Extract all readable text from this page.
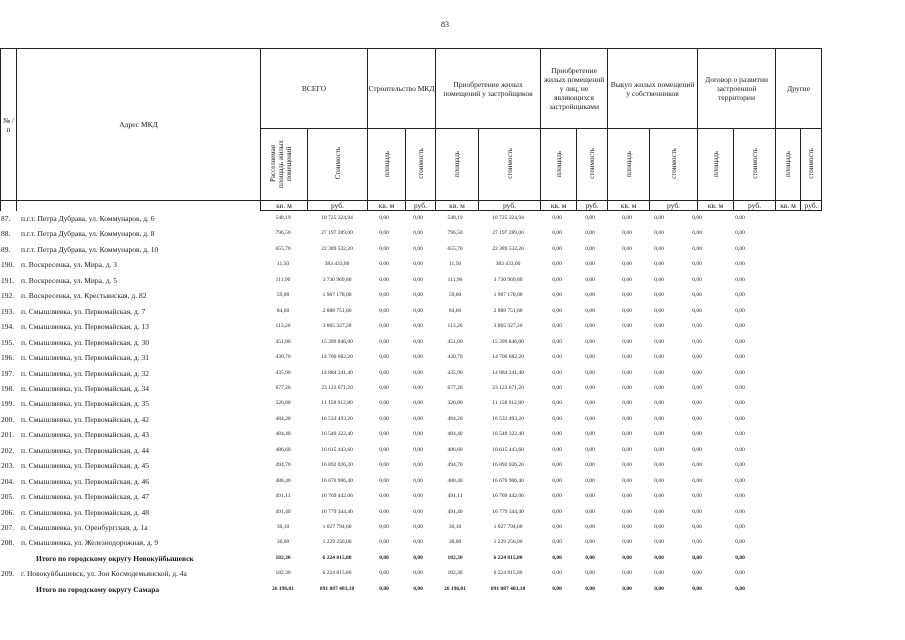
83
№ /п	Адрес МКД	ВСЕГО		Строительство МКД		Приобретение жилых помещений у застройщиков		Приобретение жилых помещений у лиц, не являющихся застройщиками		Выкуп жилых помещений у собственников		Договор о развитии застроенной территории		Другие	
		Расселяемая площадь жилых помещений	Стоимость	площадь	стоимость	площадь	стоимость	площадь	стоимость	площадь	стоимость	площадь	стоимость	площадь	стоимость
		кв. м	руб.	кв. м	руб.	кв. м	руб.	кв. м	руб.	кв. м	руб.	кв. м	руб.	кв. м	руб.
87. п.г.т. Петра Дубрава, ул. Коммунаров, д. 6	548,19	18 725 324,94	0,00	0,00	548,19	18 725 324,94	0,00	0,00	0,00	0,00	0,00	0,00
88. п.г.т. Петра Дубрава, ул. Коммунаров, д. 8	796,50	27 197 289,00	0,00	0,00	796,50	27 197 289,00	0,00	0,00	0,00	0,00	0,00	0,00
89. п.г.т. Петра Дубрава, ул. Коммунаров, д. 10	655,70	22 389 532,20	0,00	0,00	655,70	22 389 532,20	0,00	0,00	0,00	0,00	0,00	0,00
190. п. Воскресенка, ул. Мира, д. 3	11,50	383 433,00	0,00	0,00	11,50	383 433,00	0,00	0,00	0,00	0,00	0,00	0,00
191. п. Воскресенка, ул. Мира, д. 5	111,90	3 730 969,80	0,00	0,00	111,90	3 730 969,80	0,00	0,00	0,00	0,00	0,00	0,00
192. п. Воскресенка, ул. Крестьянская, д. 82	59,00	1 967 178,00	0,00	0,00	59,00	1 967 178,00	0,00	0,00	0,00	0,00	0,00	0,00
193. п. Смышляевка, ул. Первомайская, д. 7	84,60	2 888 751,60	0,00	0,00	84,60	2 888 751,60	0,00	0,00	0,00	0,00	0,00	0,00
194. п. Смышляевка, ул. Первомайская, д. 13	113,20	3 865 327,20	0,00	0,00	113,20	3 865 327,20	0,00	0,00	0,00	0,00	0,00	0,00
195. п. Смышляевка, ул. Первомайская, д. 30	451,00	15 399 846,00	0,00	0,00	451,00	15 399 846,00	0,00	0,00	0,00	0,00	0,00	0,00
196. п. Смышляевка, ул. Первомайская, д. 31	430,70	14 706 682,20	0,00	0,00	430,70	14 706 682,20	0,00	0,00	0,00	0,00	0,00	0,00
197. п. Смышляевка, ул. Первомайская, д. 32	435,90	14 884 241,40	0,00	0,00	435,90	14 884 241,40	0,00	0,00	0,00	0,00	0,00	0,00
198. п. Смышляевка, ул. Первомайская, д. 34	677,20	23 123 671,20	0,00	0,00	677,20	23 123 671,20	0,00	0,00	0,00	0,00	0,00	0,00
199. п. Смышляевка, ул. Первомайская, д. 35	326,80	11 158 912,80	0,00	0,00	326,80	11 158 912,80	0,00	0,00	0,00	0,00	0,00	0,00
200. п. Смышляевка, ул. Первомайская, д. 42	484,20	16 533 493,20	0,00	0,00	484,20	16 533 493,20	0,00	0,00	0,00	0,00	0,00	0,00
201. п. Смышляевка, ул. Первомайская, д. 43	484,40	16 540 322,40	0,00	0,00	484,40	16 540 322,40	0,00	0,00	0,00	0,00	0,00	0,00
202. п. Смышляевка, ул. Первомайская, д. 44	486,60	16 615 443,60	0,00	0,00	486,60	16 615 443,60	0,00	0,00	0,00	0,00	0,00	0,00
203. п. Смышляевка, ул. Первомайская, д. 45	494,70	16 892 026,20	0,00	0,00	494,70	16 892 026,20	0,00	0,00	0,00	0,00	0,00	0,00
204. п. Смышляевка, ул. Первомайская, д. 46	488,40	16 676 906,40	0,00	0,00	488,40	16 676 906,40	0,00	0,00	0,00	0,00	0,00	0,00
205. п. Смышляевка, ул. Первомайская, д. 47	491,11	16 769 442,06	0,00	0,00	491,11	16 769 442,06	0,00	0,00	0,00	0,00	0,00	0,00
206. п. Смышляевка, ул. Первомайская, д. 48	491,40	16 779 344,40	0,00	0,00	491,40	16 779 344,40	0,00	0,00	0,00	0,00	0,00	0,00
207. п. Смышляевка, ул. Оренбургская, д. 1а	30,10	1 027 794,60	0,00	0,00	30,10	1 027 794,60	0,00	0,00	0,00	0,00	0,00	0,00
208. п. Смышляевка, ул. Железнодорожная, д. 9	36,00	1 229 256,00	0,00	0,00	36,00	1 229 256,00	0,00	0,00	0,00	0,00	0,00	0,00
Итого по городскому округу Новокуйбышевск	182,30	6 224 815,80	0,00	0,00	182,30	6 224 815,80	0,00	0,00	0,00	0,00	0,00	0,00
209. г. Новокуйбышевск, ул. Зои Космодемьянской, д. 4а	182,30	6 224 815,80	0,00	0,00	182,30	6 224 815,80	0,00	0,00	0,00	0,00	0,00	0,00
Итого по городскому округу Самара	26 196,01	891 887 403,18	0,00	0,00	26 196,01	891 887 403,18	0,00	0,00	0,00	0,00	0,00	0,00
